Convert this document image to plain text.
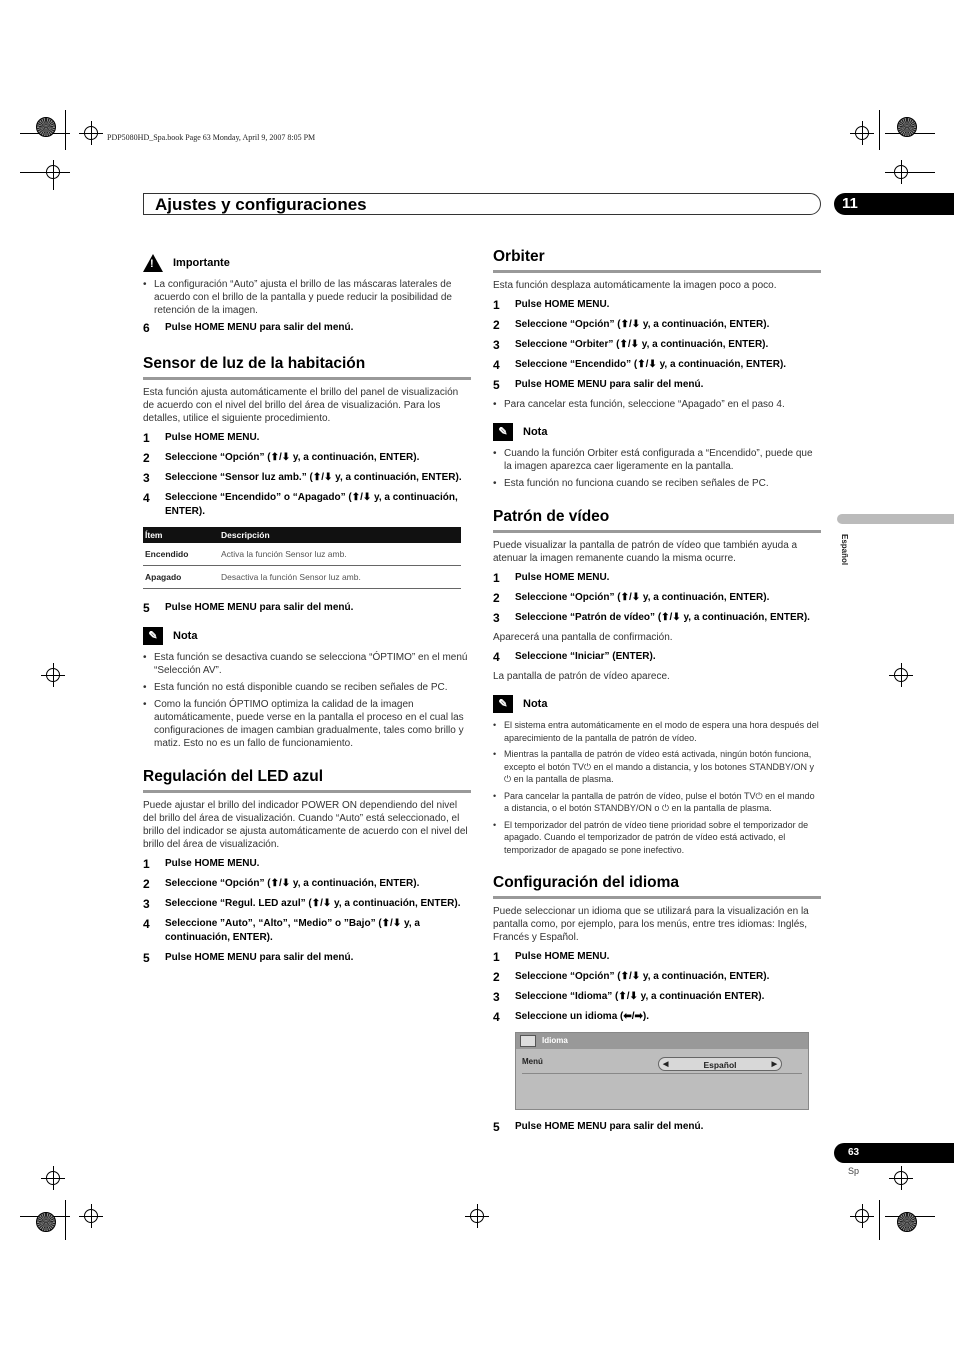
PDP5080HD_Spa.book Page 63 Monday, April 9, 2007 8:05 PM
Ajustes y configuraciones	11
Español
63
Sp
! Importante
• La configuración “Auto” ajusta el brillo de las máscaras laterales de acuerdo con el brillo de la pantalla y puede reducir la posibilidad de retención de la imagen.
6	Pulse HOME MENU para salir del menú.
Sensor de luz de la habitación
Esta función ajusta automáticamente el brillo del panel de visualización de acuerdo con el nivel del brillo del área de visualización. Para los detalles, utilice el siguiente procedimiento.
1	Pulse HOME MENU.
2	Seleccione “Opción” (⬆/⬇ y, a continuación, ENTER).
3	Seleccione “Sensor luz amb.” (⬆/⬇ y, a continuación, ENTER).
4	Seleccione “Encendido” o “Apagado” (⬆/⬇ y, a continuación, ENTER).
Ítem	Descripción
Encendido	Activa la función Sensor luz amb.
Apagado	Desactiva la función Sensor luz amb.
5	Pulse HOME MENU para salir del menú.
✎	Nota
• Esta función se desactiva cuando se selecciona “ÓPTIMO” en el menú “Selección AV”.
• Esta función no está disponible cuando se reciben señales de PC.
• Como la función ÓPTIMO optimiza la calidad de la imagen automáticamente, puede verse en la pantalla el proceso en el cual las configuraciones de imagen cambian gradualmente, tales como brillo y matiz. Esto no es un fallo de funcionamiento.
Regulación del LED azul
Puede ajustar el brillo del indicador POWER ON dependiendo del nivel del brillo del área de visualización. Cuando “Auto” está seleccionado, el brillo del indicador se ajusta automáticamente de acuerdo con el nivel del brillo del área de visualización.
1	Pulse HOME MENU.
2	Seleccione “Opción” (⬆/⬇ y, a continuación, ENTER).
3	Seleccione “Regul. LED azul” (⬆/⬇ y, a continuación, ENTER).
4	Seleccione ”Auto”, “Alto”, “Medio” o ”Bajo” (⬆/⬇ y, a continuación, ENTER).
5	Pulse HOME MENU para salir del menú.
Orbiter
Esta función desplaza automáticamente la imagen poco a poco.
1	Pulse HOME MENU.
2	Seleccione “Opción” (⬆/⬇ y, a continuación, ENTER).
3	Seleccione “Orbiter” (⬆/⬇ y, a continuación, ENTER).
4	Seleccione “Encendido” (⬆/⬇ y, a continuación, ENTER).
5	Pulse HOME MENU para salir del menú.
• Para cancelar esta función, seleccione “Apagado” en el paso 4.
✎	Nota
• Cuando la función Orbiter está configurada a “Encendido”, puede que la imagen aparezca caer ligeramente en la pantalla.
• Esta función no funciona cuando se reciben señales de PC.
Patrón de vídeo
Puede visualizar la pantalla de patrón de vídeo que también ayuda a atenuar la imagen remanente cuando la misma ocurre.
1	Pulse HOME MENU.
2	Seleccione “Opción” (⬆/⬇ y, a continuación, ENTER).
3	Seleccione “Patrón de vídeo” (⬆/⬇ y, a continuación, ENTER).
Aparecerá una pantalla de confirmación.
4	Seleccione “Iniciar” (ENTER).
La pantalla de patrón de vídeo aparece.
✎	Nota
• El sistema entra automáticamente en el modo de espera una hora después del aparecimiento de la pantalla de patrón de vídeo.
• Mientras la pantalla de patrón de vídeo está activada, ningún botón funciona, excepto el botón TV⏻ en el mando a distancia, y los botones STANDBY/ON y ⏻ en la pantalla de plasma.
• Para cancelar la pantalla de patrón de vídeo, pulse el botón TV⏻ en el mando a distancia, o el botón STANDBY/ON o ⏻ en la pantalla de plasma.
• El temporizador del patrón de vídeo tiene prioridad sobre el temporizador de apagado. Cuando el temporizador de patrón de vídeo está activado, el temporizador de apagado se pone inefectivo.
Configuración del idioma
Puede seleccionar un idioma que se utilizará para la visualización en la pantalla como, por ejemplo, para los menús, entre tres idiomas: Inglés, Francés y Español.
1	Pulse HOME MENU.
2	Seleccione “Opción” (⬆/⬇ y, a continuación, ENTER).
3	Seleccione “Idioma” (⬆/⬇ y, a continuación ENTER).
4	Seleccione un idioma (⬅/➡).
Idioma
Menú	◀	Español	▶
5	Pulse HOME MENU para salir del menú.
